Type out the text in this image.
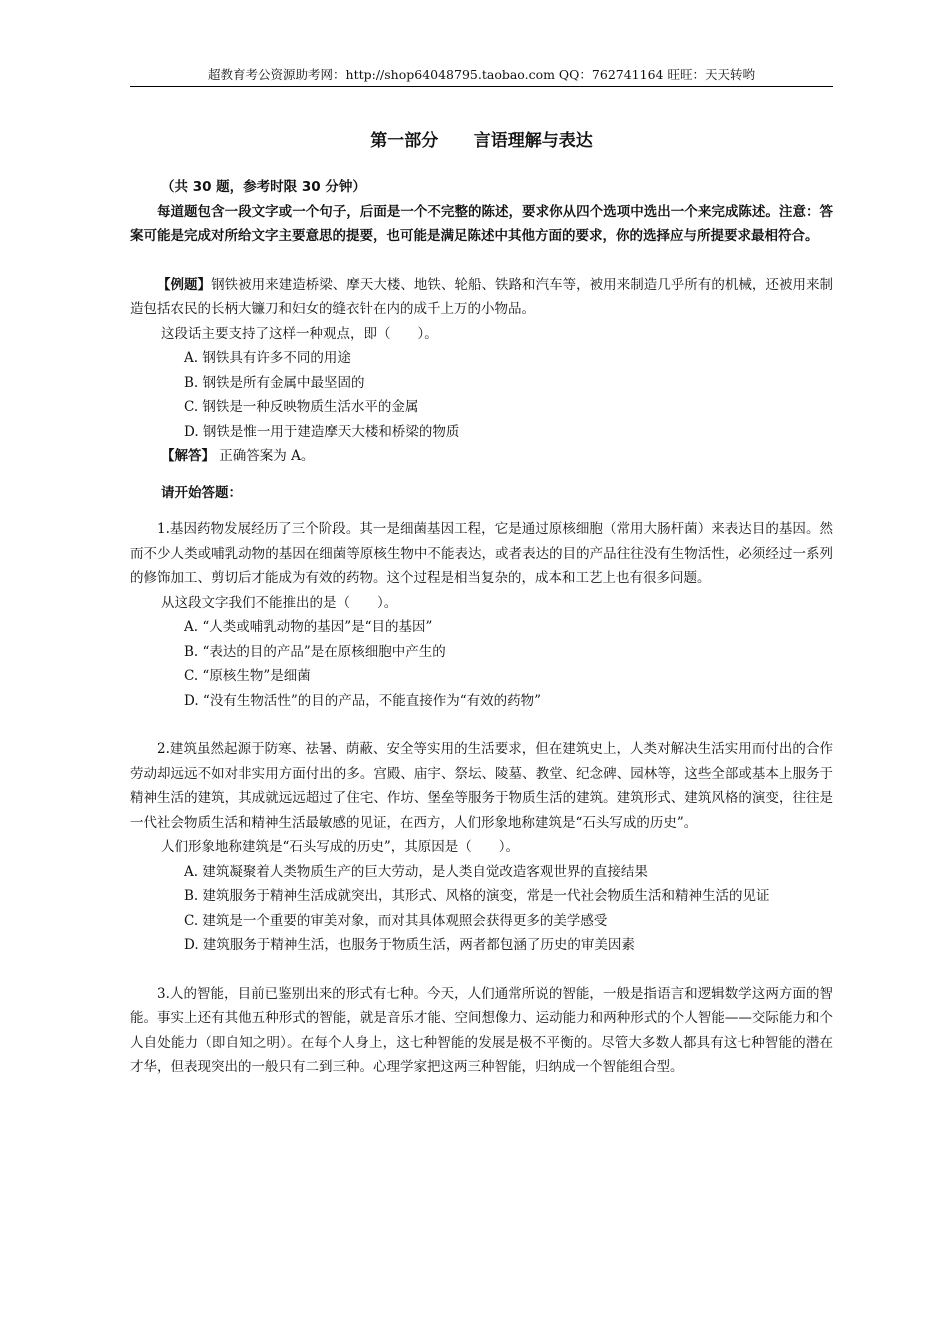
超教育考公资源助考网：http://shop64048795.taobao.com QQ：762741164 旺旺：天天转哟
第一部分      言语理解与表达

（共 30 题，参考时限 30 分钟）

每道题包含一段文字或一个句子，后面是一个不完整的陈述，要求你从四个选项中选出一个来完成陈述。注意：答案可能是完成对所给文字主要意思的提要，也可能是满足陈述中其他方面的要求，你的选择应与所提要求最相符合。

【例题】钢铁被用来建造桥梁、摩天大楼、地铁、轮船、铁路和汽车等，被用来制造几乎所有的机械，还被用来制造包括农民的长柄大镰刀和妇女的缝衣针在内的成千上万的小物品。

这段话主要支持了这样一种观点，即（　　）。

A. 钢铁具有许多不同的用途

B. 钢铁是所有金属中最坚固的

C. 钢铁是一种反映物质生活水平的金属

D. 钢铁是惟一用于建造摩天大楼和桥梁的物质

【解答】 正确答案为 A。

请开始答题：

1.基因药物发展经历了三个阶段。其一是细菌基因工程，它是通过原核细胞（常用大肠杆菌）来表达目的基因。然而不少人类或哺乳动物的基因在细菌等原核生物中不能表达，或者表达的目的产品往往没有生物活性，必须经过一系列的修饰加工、剪切后才能成为有效的药物。这个过程是相当复杂的，成本和工艺上也有很多问题。

从这段文字我们不能推出的是（　　）。

A. “人类或哺乳动物的基因”是“目的基因”

B. “表达的目的产品”是在原核细胞中产生的

C. “原核生物”是细菌

D. “没有生物活性”的目的产品，不能直接作为“有效的药物”

2.建筑虽然起源于防寒、祛暑、荫蔽、安全等实用的生活要求，但在建筑史上，人类对解决生活实用而付出的合作劳动却远远不如对非实用方面付出的多。宫殿、庙宇、祭坛、陵墓、教堂、纪念碑、园林等，这些全部或基本上服务于精神生活的建筑，其成就远远超过了住宅、作坊、堡垒等服务于物质生活的建筑。建筑形式、建筑风格的演变，往往是一代社会物质生活和精神生活最敏感的见证，在西方，人们形象地称建筑是“石头写成的历史”。

人们形象地称建筑是“石头写成的历史”，其原因是（　　）。

A. 建筑凝聚着人类物质生产的巨大劳动，是人类自觉改造客观世界的直接结果

B. 建筑服务于精神生活成就突出，其形式、风格的演变，常是一代社会物质生活和精神生活的见证

C. 建筑是一个重要的审美对象，而对其具体观照会获得更多的美学感受

D. 建筑服务于精神生活，也服务于物质生活，两者都包涵了历史的审美因素

3.人的智能，目前已鉴别出来的形式有七种。今天，人们通常所说的智能，一般是指语言和逻辑数学这两方面的智能。事实上还有其他五种形式的智能，就是音乐才能、空间想像力、运动能力和两种形式的个人智能——交际能力和个人自处能力（即自知之明）。在每个人身上，这七种智能的发展是极不平衡的。尽管大多数人都具有这七种智能的潜在才华，但表现突出的一般只有二到三种。心理学家把这两三种智能，归纳成一个智能组合型。
